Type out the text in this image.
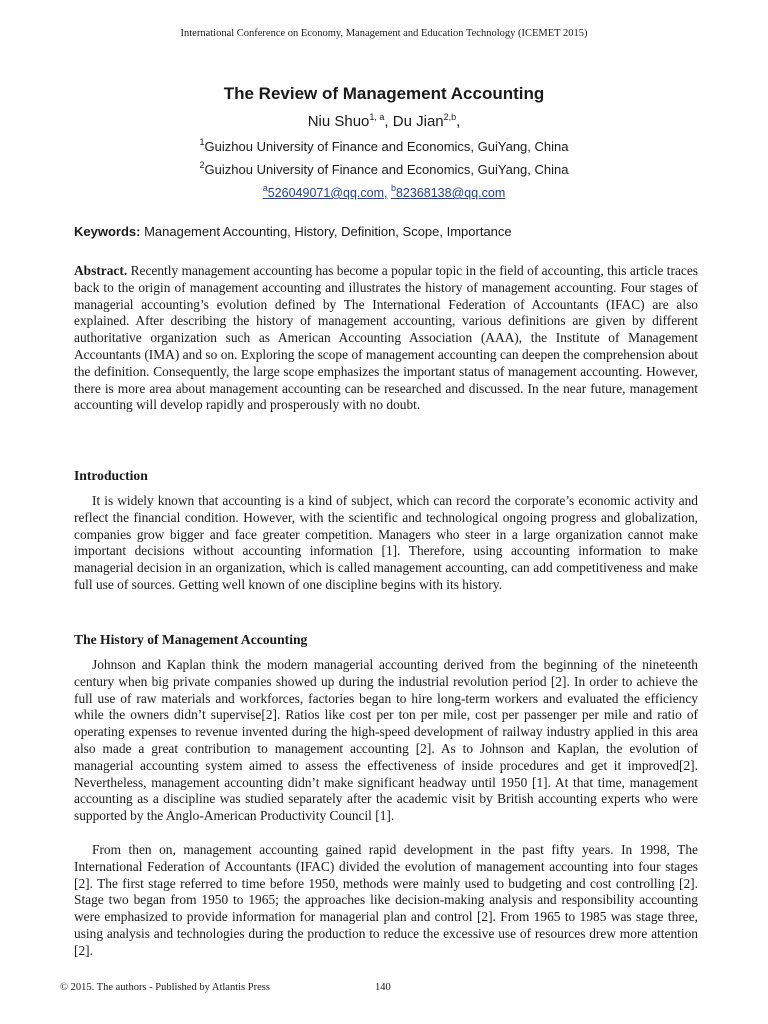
International Conference on Economy, Management and Education Technology (ICEMET 2015)
The Review of Management Accounting
Niu Shuo$^{1, a}$, Du Jian$^{2,b}$,
$^1$Guizhou University of Finance and Economics, GuiYang, China
$^2$Guizhou University of Finance and Economics, GuiYang, China
$^a$526049071@qq.com, $^b$82368138@qq.com
Keywords: Management Accounting, History, Definition, Scope, Importance
Abstract. Recently management accounting has become a popular topic in the field of accounting, this article traces back to the origin of management accounting and illustrates the history of management accounting. Four stages of managerial accounting’s evolution defined by The International Federation of Accountants (IFAC) are also explained. After describing the history of management accounting, various definitions are given by different authoritative organization such as American Accounting Association (AAA), the Institute of Management Accountants (IMA) and so on. Exploring the scope of management accounting can deepen the comprehension about the definition. Consequently, the large scope emphasizes the important status of management accounting. However, there is more area about management accounting can be researched and discussed. In the near future, management accounting will develop rapidly and prosperously with no doubt.
Introduction
It is widely known that accounting is a kind of subject, which can record the corporate’s economic activity and reflect the financial condition. However, with the scientific and technological ongoing progress and globalization, companies grow bigger and face greater competition. Managers who steer in a large organization cannot make important decisions without accounting information [1]. Therefore, using accounting information to make managerial decision in an organization, which is called management accounting, can add competitiveness and make full use of sources. Getting well known of one discipline begins with its history.
The History of Management Accounting
Johnson and Kaplan think the modern managerial accounting derived from the beginning of the nineteenth century when big private companies showed up during the industrial revolution period [2]. In order to achieve the full use of raw materials and workforces, factories began to hire long-term workers and evaluated the efficiency while the owners didn’t supervise[2]. Ratios like cost per ton per mile, cost per passenger per mile and ratio of operating expenses to revenue invented during the high-speed development of railway industry applied in this area also made a great contribution to management accounting [2]. As to Johnson and Kaplan, the evolution of managerial accounting system aimed to assess the effectiveness of inside procedures and get it improved[2]. Nevertheless, management accounting didn’t make significant headway until 1950 [1]. At that time, management accounting as a discipline was studied separately after the academic visit by British accounting experts who were supported by the Anglo-American Productivity Council [1].
From then on, management accounting gained rapid development in the past fifty years. In 1998, The International Federation of Accountants (IFAC) divided the evolution of management accounting into four stages [2]. The first stage referred to time before 1950, methods were mainly used to budgeting and cost controlling [2]. Stage two began from 1950 to 1965; the approaches like decision-making analysis and responsibility accounting were emphasized to provide information for managerial plan and control [2]. From 1965 to 1985 was stage three, using analysis and technologies during the production to reduce the excessive use of resources drew more attention [2].
© 2015. The authors - Published by Atlantis Press	140
